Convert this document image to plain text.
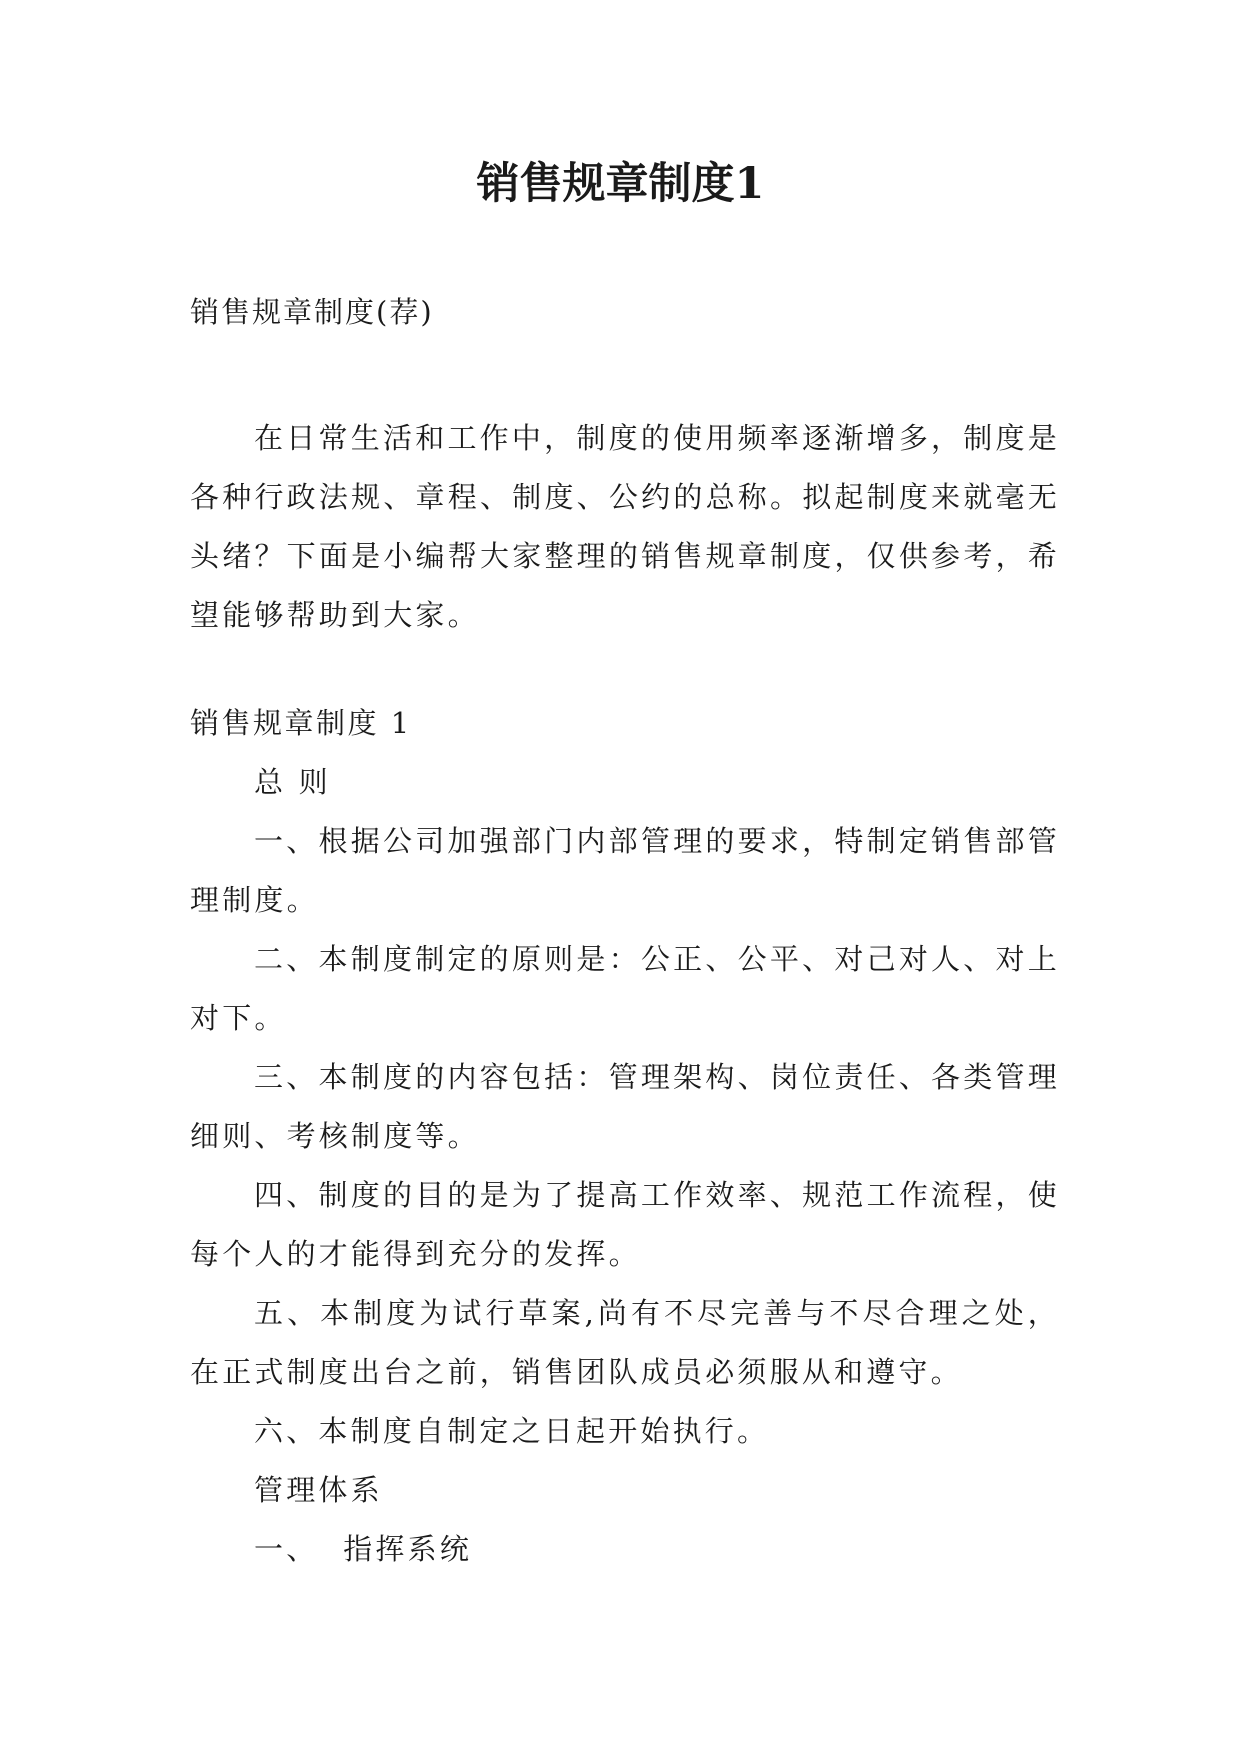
销售规章制度1

销售规章制度(荐)

在日常生活和工作中，制度的使用频率逐渐增多，制度是各种行政法规、章程、制度、公约的总称。拟起制度来就毫无头绪？下面是小编帮大家整理的销售规章制度，仅供参考，希望能够帮助到大家。

销售规章制度 1

总 则

一、根据公司加强部门内部管理的要求，特制定销售部管理制度。

二、本制度制定的原则是：公正、公平、对己对人、对上对下。

三、本制度的内容包括：管理架构、岗位责任、各类管理细则、考核制度等。

四、制度的目的是为了提高工作效率、规范工作流程，使每个人的才能得到充分的发挥。

五、本制度为试行草案,尚有不尽完善与不尽合理之处，在正式制度出台之前，销售团队成员必须服从和遵守。

六、本制度自制定之日起开始执行。

管理体系

一、  指挥系统
